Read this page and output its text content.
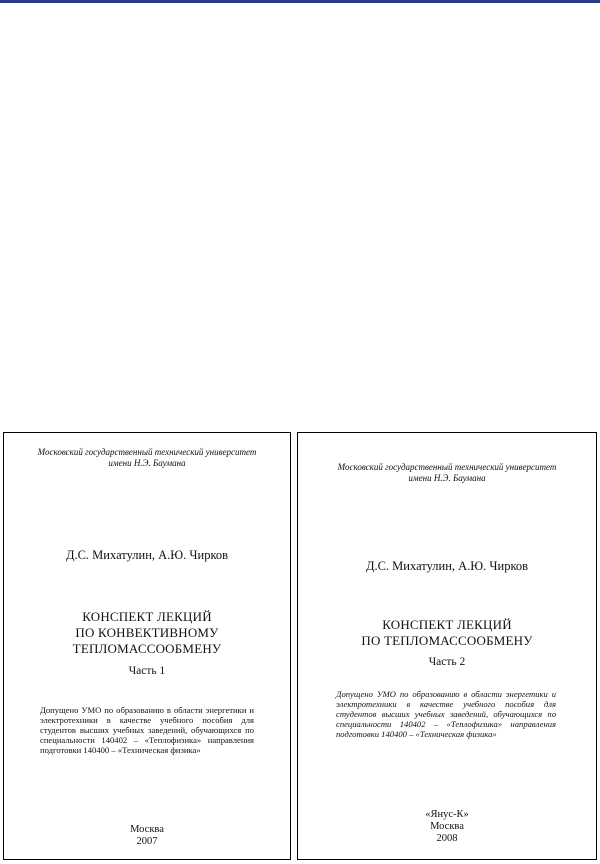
Московский государственный технический университет
имени Н.Э. Баумана
Д.С. Михатулин, А.Ю. Чирков
КОНСПЕКТ ЛЕКЦИЙ
ПО КОНВЕКТИВНОМУ
ТЕПЛОМАССООБМЕНУ
Часть 1
Допущено УМО по образованию в области энергетики и электротехники в качестве учебного пособия для студентов высших учебных заведений, обучающихся по специальности 140402 – «Теплофизика» направления подготовки 140400 – «Техническая физика»
Москва
2007
Московский государственный технический университет
имени Н.Э. Баумана
Д.С. Михатулин, А.Ю. Чирков
КОНСПЕКТ ЛЕКЦИЙ
ПО ТЕПЛОМАССООБМЕНУ
Часть 2
Допущено УМО по образованию в области энергетики и электротехники в качестве учебного пособия для студентов высших учебных заведений, обучающихся по специальности 140402 – «Теплофизика» направления подготовки 140400 – «Техническая физика»
«Янус-К»
Москва
2008
